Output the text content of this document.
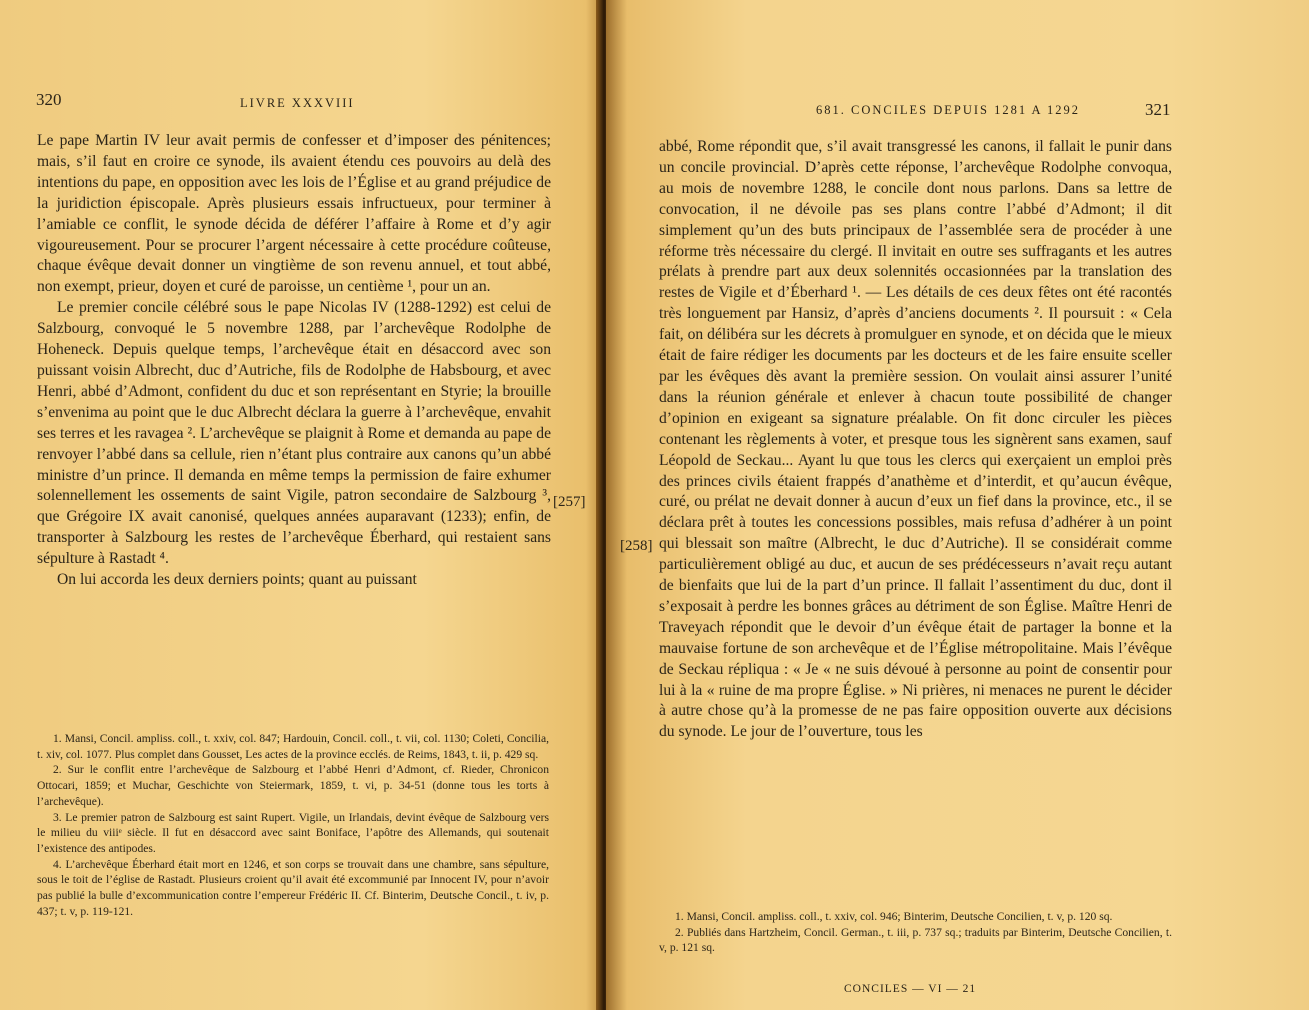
320	LIVRE XXXVIII

Le pape Martin IV leur avait permis de confesser et d’imposer des pénitences; mais, s’il faut en croire ce synode, ils avaient étendu ces pouvoirs au delà des intentions du pape, en opposition avec les lois de l’Église et au grand préjudice de la juridiction épiscopale. Après plusieurs essais infructueux, pour terminer à l’amiable ce conflit, le synode décida de déférer l’affaire à Rome et d’y agir vigoureusement. Pour se procurer l’argent nécessaire à cette procédure coûteuse, chaque évêque devait donner un vingtième de son revenu annuel, et tout abbé, non exempt, prieur, doyen et curé de paroisse, un centième ¹, pour un an.

Le premier concile célébré sous le pape Nicolas IV (1288-1292) est celui de Salzbourg, convoqué le 5 novembre 1288, par l’archevêque Rodolphe de Hoheneck. Depuis quelque temps, l’archevêque était en désaccord avec son puissant voisin Albrecht, duc d’Autriche, fils de Rodolphe de Habsbourg, et avec Henri, abbé d’Admont, confident du duc et son représentant en Styrie; la brouille s’envenima au point que le duc Albrecht déclara la guerre à l’archevêque, envahit ses terres et les ravagea ². L’archevêque se plaignit à Rome et demanda au pape de renvoyer l’abbé dans sa cellule, rien n’étant plus contraire aux canons qu’un abbé ministre d’un prince. Il demanda en même temps la permission de faire exhumer solennellement les ossements de saint Vigile, patron secondaire de Salzbourg ³, que Grégoire IX avait canonisé, quelques années auparavant (1233); enfin, de transporter à Salzbourg les restes de l’archevêque Éberhard, qui restaient sans sépulture à Rastadt ⁴.

On lui accorda les deux derniers points; quant au puissant

1. Mansi, Concil. ampliss. coll., t. xxiv, col. 847; Hardouin, Concil. coll., t. vii, col. 1130; Coleti, Concilia, t. xiv, col. 1077. Plus complet dans Gousset, Les actes de la province ecclés. de Reims, 1843, t. ii, p. 429 sq.

2. Sur le conflit entre l’archevêque de Salzbourg et l’abbé Henri d’Admont, cf. Rieder, Chronicon Ottocari, 1859; et Muchar, Geschichte von Steiermark, 1859, t. vi, p. 34-51 (donne tous les torts à l’archevêque).

3. Le premier patron de Salzbourg est saint Rupert. Vigile, un Irlandais, devint évêque de Salzbourg vers le milieu du viiiᵉ siècle. Il fut en désaccord avec saint Boniface, l’apôtre des Allemands, qui soutenait l’existence des antipodes.

4. L’archevêque Éberhard était mort en 1246, et son corps se trouvait dans une chambre, sans sépulture, sous le toit de l’église de Rastadt. Plusieurs croient qu’il avait été excommunié par Innocent IV, pour n’avoir pas publié la bulle d’excommunication contre l’empereur Frédéric II. Cf. Binterim, Deutsche Concil., t. iv, p. 437; t. v, p. 119-121.

[257]
681. CONCILES DEPUIS 1281 A 1292	321

abbé, Rome répondit que, s’il avait transgressé les canons, il fallait le punir dans un concile provincial. D’après cette réponse, l’archevêque Rodolphe convoqua, au mois de novembre 1288, le concile dont nous parlons. Dans sa lettre de convocation, il ne dévoile pas ses plans contre l’abbé d’Admont; il dit simplement qu’un des buts principaux de l’assemblée sera de procéder à une réforme très nécessaire du clergé. Il invitait en outre ses suffragants et les autres prélats à prendre part aux deux solennités occasionnées par la translation des restes de Vigile et d’Éberhard ¹. — Les détails de ces deux fêtes ont été racontés très longuement par Hansiz, d’après d’anciens documents ². Il poursuit : « Cela fait, on délibéra sur les décrets à promulguer en synode, et on décida que le mieux était de faire rédiger les documents par les docteurs et de les faire ensuite sceller par les évêques dès avant la première session. On voulait ainsi assurer l’unité dans la réunion générale et enlever à chacun toute possibilité de changer d’opinion en exigeant sa signature préalable. On fit donc circuler les pièces contenant les règlements à voter, et presque tous les signèrent sans examen, sauf Léopold de Seckau... Ayant lu que tous les clercs qui exerçaient un emploi près des princes civils étaient frappés d’anathème et d’interdit, et qu’aucun évêque, curé, ou prélat ne devait donner à aucun d’eux un fief dans la province, etc., il se déclara prêt à toutes les concessions possibles, mais refusa d’adhérer à un point qui blessait son maître (Albrecht, le duc d’Autriche). Il se considérait comme particulièrement obligé au duc, et aucun de ses prédécesseurs n’avait reçu autant de bienfaits que lui de la part d’un prince. Il fallait l’assentiment du duc, dont il s’exposait à perdre les bonnes grâces au détriment de son Église. Maître Henri de Traveyach répondit que le devoir d’un évêque était de partager la bonne et la mauvaise fortune de son archevêque et de l’Église métropolitaine. Mais l’évêque de Seckau répliqua : « Je « ne suis dévoué à personne au point de consentir pour lui à la « ruine de ma propre Église. » Ni prières, ni menaces ne purent le décider à autre chose qu’à la promesse de ne pas faire opposition ouverte aux décisions du synode. Le jour de l’ouverture, tous les

[258]

1. Mansi, Concil. ampliss. coll., t. xxiv, col. 946; Binterim, Deutsche Concilien, t. v, p. 120 sq.

2. Publiés dans Hartzheim, Concil. German., t. iii, p. 737 sq.; traduits par Binterim, Deutsche Concilien, t. v, p. 121 sq.

CONCILES — VI — 21
